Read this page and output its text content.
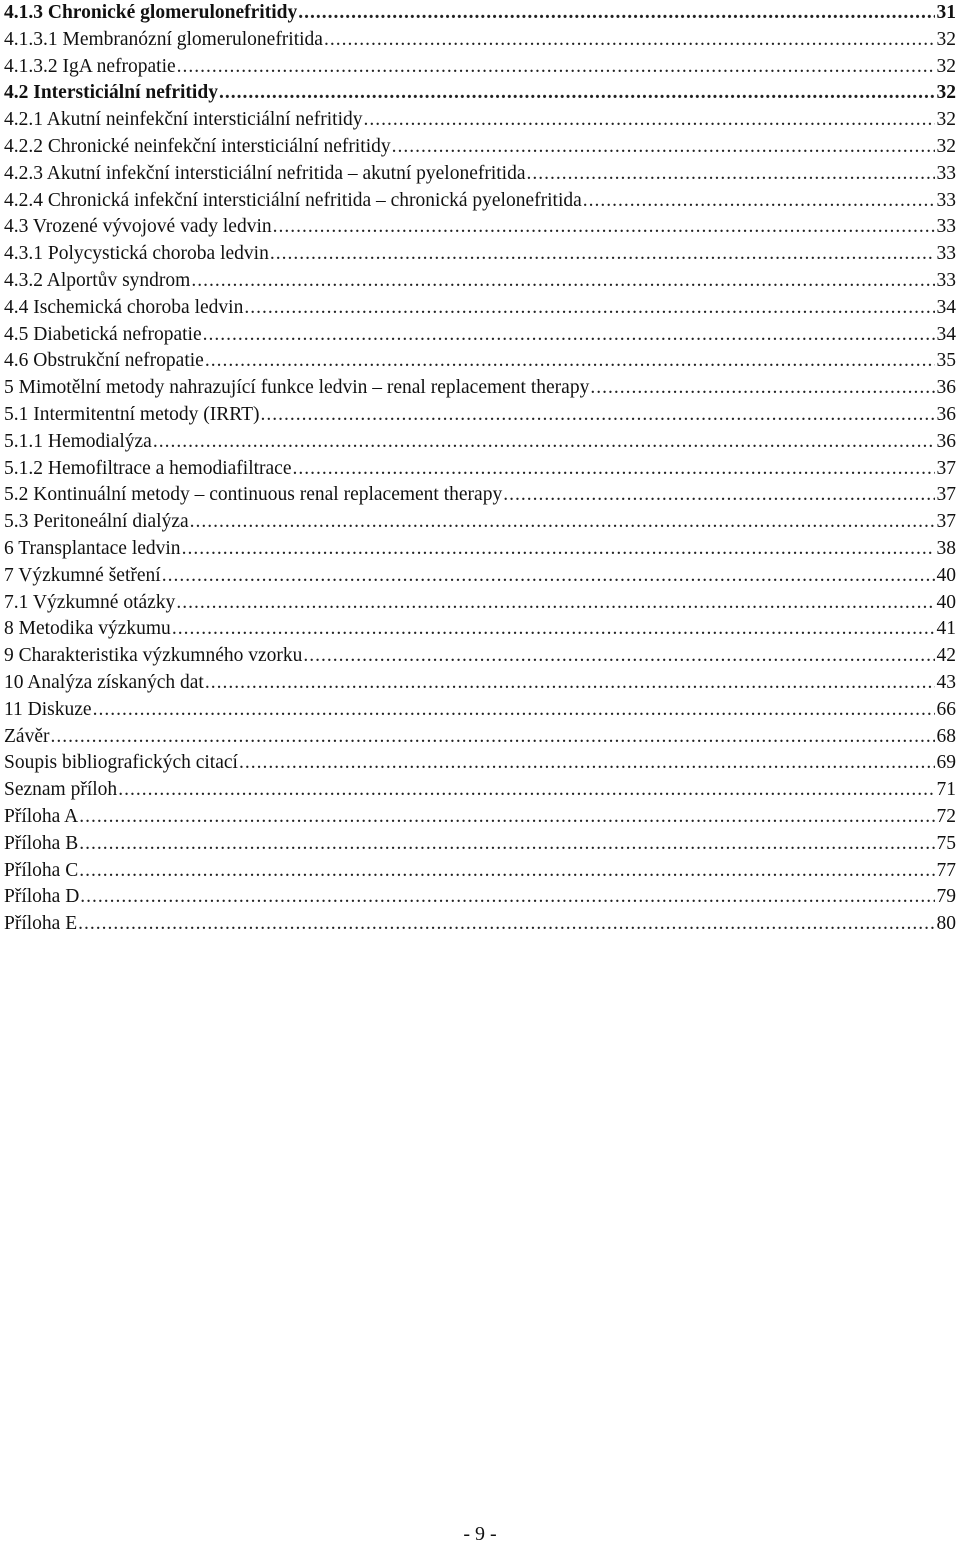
4.1.3 Chronické glomerulonefritidy .....	31
4.1.3.1 Membranózní glomerulonefritida .....	32
4.1.3.2 IgA nefropatie .....	32
4.2 Intersticiální nefritidy .....	32
4.2.1 Akutní neinfekční intersticiální nefritidy .....	32
4.2.2 Chronické neinfekční intersticiální nefritidy .....	32
4.2.3 Akutní infekční intersticiální nefritida – akutní pyelonefritida .....	33
4.2.4 Chronická infekční intersticiální nefritida – chronická pyelonefritida .....	33
4.3 Vrozené vývojové vady ledvin .....	33
4.3.1 Polycystická choroba ledvin .....	33
4.3.2 Alportův syndrom .....	33
4.4 Ischemická choroba ledvin .....	34
4.5 Diabetická nefropatie .....	34
4.6 Obstrukční nefropatie .....	35
5 Mimotělní metody nahrazující funkce ledvin – renal replacement therapy .....	36
5.1 Intermitentní metody (IRRT) .....	36
5.1.1 Hemodialýza .....	36
5.1.2 Hemofiltrace a hemodiafiltrace .....	37
5.2 Kontinuální metody – continuous renal replacement therapy .....	37
5.3 Peritoneální dialýza .....	37
6 Transplantace ledvin .....	38
7 Výzkumné šetření .....	40
7.1 Výzkumné otázky .....	40
8 Metodika výzkumu .....	41
9 Charakteristika výzkumného vzorku .....	42
10 Analýza získaných dat .....	43
11 Diskuze .....	66
Závěr .....	68
Soupis bibliografických citací .....	69
Seznam příloh .....	71
Příloha A .....	72
Příloha B .....	75
Příloha C .....	77
Příloha D .....	79
Příloha E .....	80
- 9 -
